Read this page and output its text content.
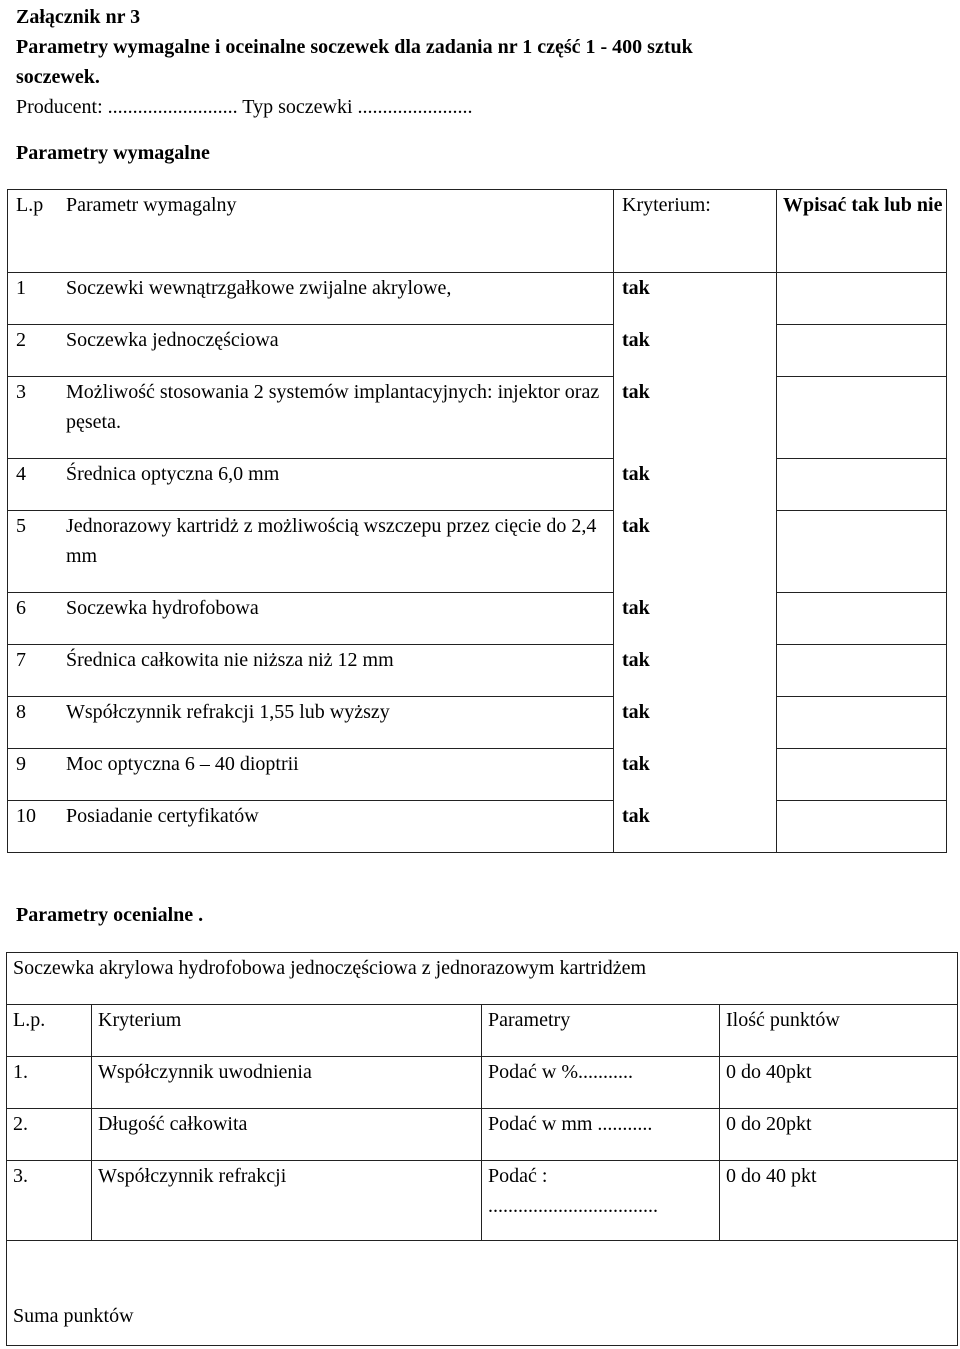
Załącznik nr 3
Parametry wymagalne i oceinalne soczewek dla zadania nr 1 część 1 - 400 sztuk
soczewek.
Producent: .......................... Typ soczewki .......................
Parametry wymagalne
L.p Parametr wymagalny	Kryterium:	Wpisać tak lub nie

1 Soczewki wewnątrzgałkowe zwijalne akrylowe,	tak	

2 Soczewka jednoczęściowa	tak	

3 Możliwość stosowania 2 systemów implantacyjnych: injektor oraz pęseta.	tak	

4 Średnica optyczna 6,0 mm	tak	

5 Jednorazowy kartridż z możliwością wszczepu przez cięcie do 2,4 mm	tak	

6 Soczewka hydrofobowa	tak	

7 Średnica całkowita nie niższa niż 12 mm	tak	

8 Współczynnik refrakcji 1,55 lub wyższy	tak	

9 Moc optyczna 6 – 40 dioptrii	tak	

10 Posiadanie certyfikatów	tak	
Parametry ocenialne .
Soczewka akrylowa hydrofobowa jednoczęściowa z jednorazowym kartridżem			
L.p.	Kryterium	Parametry	Ilość punktów
1.	Współczynnik uwodnienia	Podać w %...........	0 do 40pkt
2.	Długość całkowita	Podać w mm ...........	0 do 20pkt
3.	Współczynnik refrakcji	Podać : ..................................	0 do 40 pkt
Suma punktów			
